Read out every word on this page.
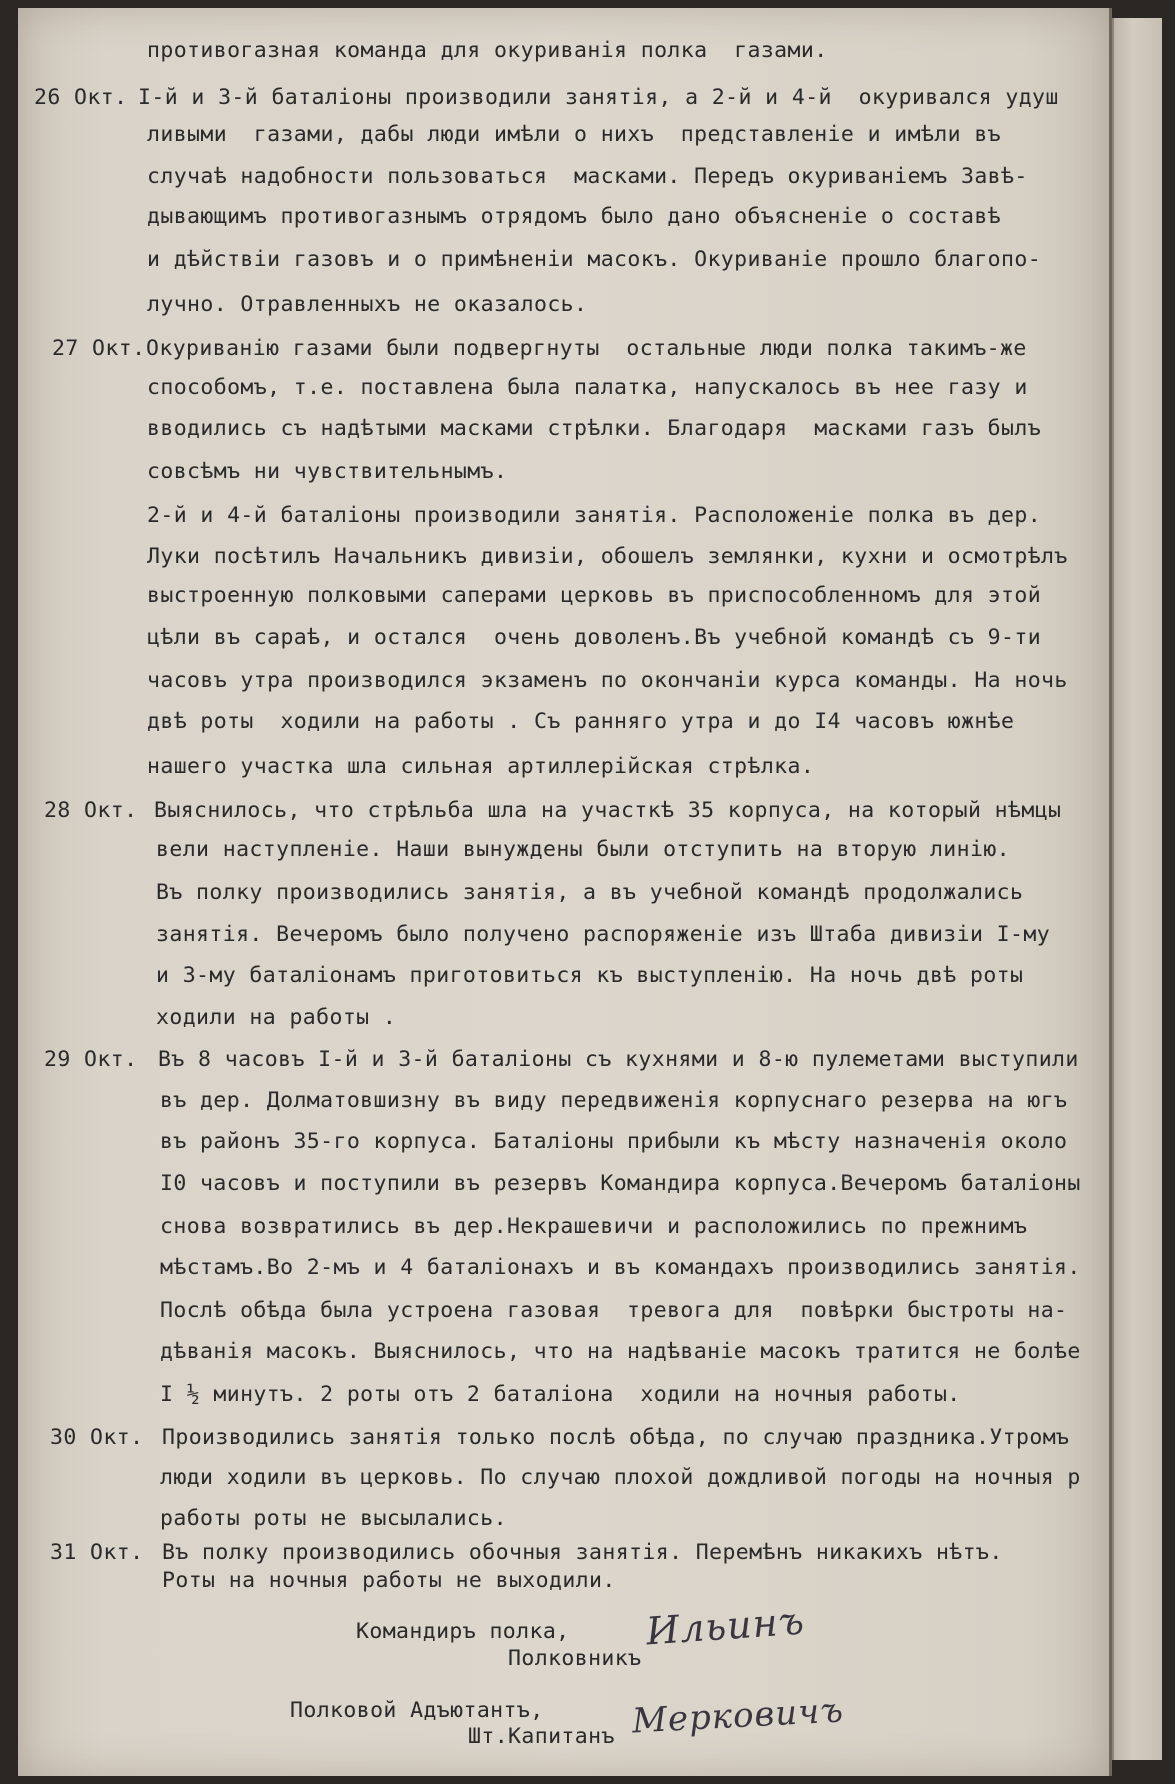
противогазная команда для окуриванія полка  газами.
26 Окт. I-й и 3-й баталіоны производили занятія, а 2-й и 4-й  окуривался удуш
ливыми  газами, дабы люди имѣли о нихъ  представленіе и имѣли въ
случаѣ надобности пользоваться  масками. Передъ окуриваніемъ Завѣ-
дывающимъ противогазнымъ отрядомъ было дано объясненіе о составѣ
и дѣйствіи газовъ и о примѣненіи масокъ. Окуриваніе прошло благопо-
лучно. Отравленныхъ не оказалось.
27 Окт. Окуриванію газами были подвергнуты  остальные люди полка такимъ-же
способомъ, т.е. поставлена была палатка, напускалось въ нее газу и
вводились съ надѣтыми масками стрѣлки. Благодаря  масками газъ былъ
совсѣмъ ни чувствительнымъ.
2-й и 4-й баталіоны производили занятія. Расположеніе полка въ дер.
Луки посѣтилъ Начальникъ дивизіи, обошелъ землянки, кухни и осмотрѣлъ
выстроенную полковыми саперами церковь въ приспособленномъ для этой
цѣли въ сараѣ, и остался  очень доволенъ.Въ учебной командѣ съ 9-ти
часовъ утра производился экзаменъ по окончаніи курса команды. На ночь
двѣ роты  ходили на работы . Съ ранняго утра и до I4 часовъ южнѣе
нашего участка шла сильная артиллерійская стрѣлка.
28 Окт. Выяснилось, что стрѣльба шла на участкѣ 35 корпуса, на который нѣмцы
вели наступленіе. Наши вынуждены были отступить на вторую линію.
Въ полку производились занятія, а въ учебной командѣ продолжались
занятія. Вечеромъ было получено распоряженіе изъ Штаба дивизіи I-му
и 3-му баталіонамъ приготовиться къ выступленію. На ночь двѣ роты
ходили на работы .
29 Окт. Въ 8 часовъ I-й и 3-й баталіоны съ кухнями и 8-ю пулеметами выступили
въ дер. Долматовшизну въ виду передвиженія корпуснаго резерва на югъ
въ районъ 35-го корпуса. Баталіоны прибыли къ мѣсту назначенія около
I0 часовъ и поступили въ резервъ Командира корпуса.Вечеромъ баталіоны
снова возвратились въ дер.Некрашевичи и расположились по прежнимъ
мѣстамъ.Во 2-мъ и 4 баталіонахъ и въ командахъ производились занятія.
Послѣ обѣда была устроена газовая  тревога для  повѣрки быстроты на-
дѣванія масокъ. Выяснилось, что на надѣваніе масокъ тратится не болѣе
I ½ минутъ. 2 роты отъ 2 баталіона  ходили на ночныя работы.
30 Окт. Производились занятія только послѣ обѣда, по случаю праздника.Утромъ
люди ходили въ церковь. По случаю плохой дождливой погоды на ночныя р
работы роты не высылались.
31 Окт. Въ полку производились обочныя занятія. Перемѣнъ никакихъ нѣтъ.
Роты на ночныя работы не выходили.
Командиръ полка,
Полковникъ
Ильинъ
Полковой Адъютантъ,
Шт.Капитанъ Мерковичъ
